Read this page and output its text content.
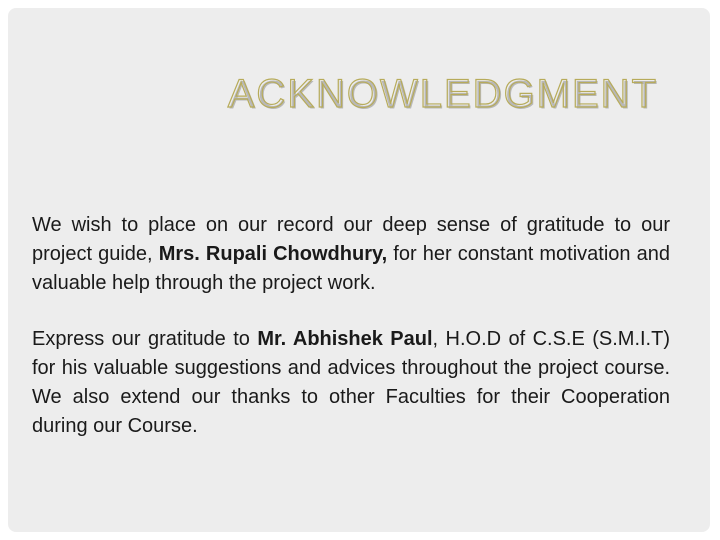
ACKNOWLEDGMENT

We wish to place on our record our deep sense of gratitude to our project guide, Mrs. Rupali Chowdhury, for her constant motivation and valuable help through the project work.

Express our gratitude to Mr. Abhishek Paul, H.O.D of C.S.E (S.M.I.T) for his valuable suggestions and advices throughout the project course. We also extend our thanks to other Faculties for their Cooperation during our Course.
